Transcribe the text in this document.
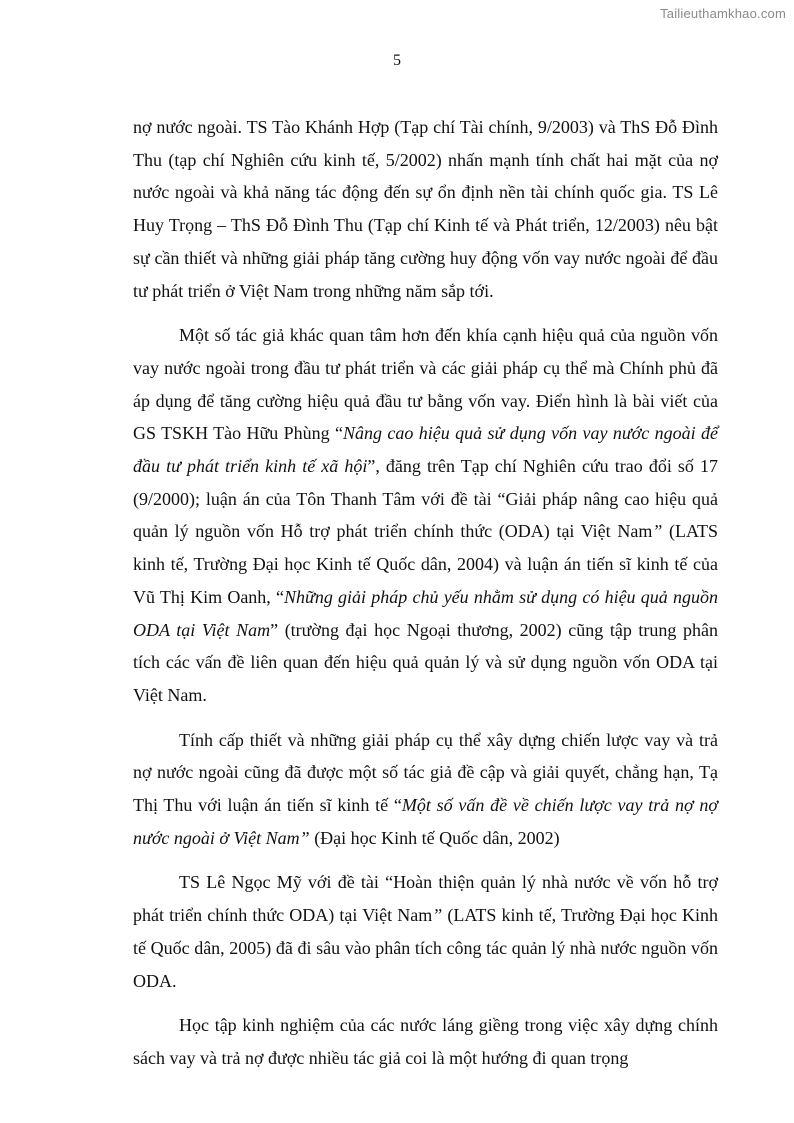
Tailieuthamkhao.com
5

nợ nước ngoài. TS Tào Khánh Hợp (Tạp chí Tài chính, 9/2003) và ThS Đỗ Đình Thu (tạp chí Nghiên cứu kinh tế, 5/2002) nhấn mạnh tính chất hai mặt của nợ nước ngoài và khả năng tác động đến sự ổn định nền tài chính quốc gia. TS Lê Huy Trọng – ThS Đỗ Đình Thu (Tạp chí Kinh tế và Phát triển, 12/2003) nêu bật sự cần thiết và những giải pháp tăng cường huy động vốn vay nước ngoài để đầu tư phát triển ở Việt Nam trong những năm sắp tới.

Một số tác giả khác quan tâm hơn đến khía cạnh hiệu quả của nguồn vốn vay nước ngoài trong đầu tư phát triển và các giải pháp cụ thể mà Chính phủ đã áp dụng để tăng cường hiệu quả đầu tư bằng vốn vay. Điển hình là bài viết của GS TSKH Tào Hữu Phùng “Nâng cao hiệu quả sử dụng vốn vay nước ngoài để đầu tư phát triển kinh tế xã hội”, đăng trên Tạp chí Nghiên cứu trao đổi số 17 (9/2000); luận án của Tôn Thanh Tâm với đề tài “Giải pháp nâng cao hiệu quả quản lý nguồn vốn Hỗ trợ phát triển chính thức (ODA) tại Việt Nam” (LATS kinh tế, Trường Đại học Kinh tế Quốc dân, 2004) và luận án tiến sĩ kinh tế của Vũ Thị Kim Oanh, “Những giải pháp chủ yếu nhằm sử dụng có hiệu quả nguồn ODA tại Việt Nam” (trường đại học Ngoại thương, 2002) cũng tập trung phân tích các vấn đề liên quan đến hiệu quả quản lý và sử dụng nguồn vốn ODA tại Việt Nam.

Tính cấp thiết và những giải pháp cụ thể xây dựng chiến lược vay và trả nợ nước ngoài cũng đã được một số tác giả đề cập và giải quyết, chẳng hạn, Tạ Thị Thu với luận án tiến sĩ kinh tế “Một số vấn đề về chiến lược vay trả nợ nợ nước ngoài ở Việt Nam” (Đại học Kinh tế Quốc dân, 2002)

TS Lê Ngọc Mỹ với đề tài “Hoàn thiện quản lý nhà nước về vốn hỗ trợ phát triển chính thức ODA) tại Việt Nam” (LATS kinh tế, Trường Đại học Kinh tế Quốc dân, 2005) đã đi sâu vào phân tích công tác quản lý nhà nước nguồn vốn ODA.

Học tập kinh nghiệm của các nước láng giềng trong việc xây dựng chính sách vay và trả nợ được nhiều tác giả coi là một hướng đi quan trọng
